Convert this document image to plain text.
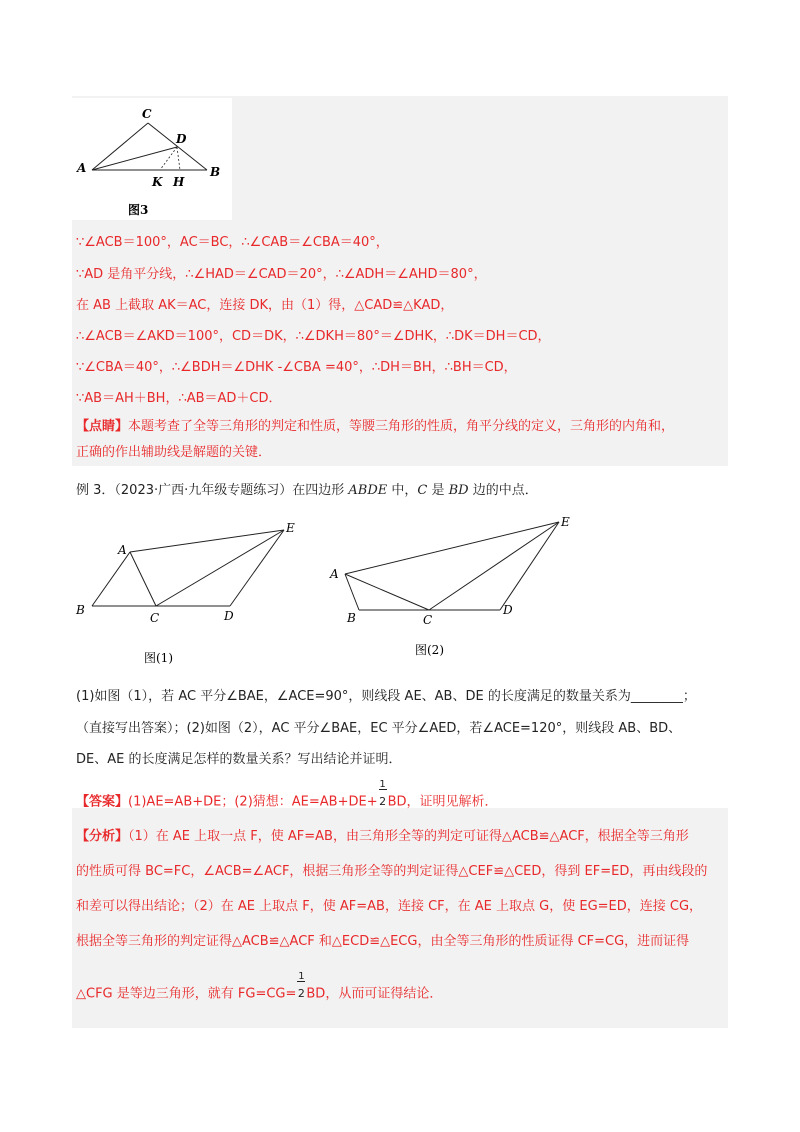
C
D
A	B
K H
图3
∵∠ACB＝100°，AC＝BC，∴∠CAB＝∠CBA＝40°，
∵AD 是角平分线，∴∠HAD＝∠CAD＝20°，∴∠ADH＝∠AHD＝80°，
在 AB 上截取 AK＝AC，连接 DK，由（1）得，△CAD≌△KAD，
∴∠ACB＝∠AKD＝100°，CD＝DK，∴∠DKH＝80°＝∠DHK，∴DK＝DH＝CD，
∵∠CBA＝40°，∴∠BDH＝∠DHK -∠CBA =40°，∴DH＝BH，∴BH＝CD，
∵AB＝AH＋BH，∴AB＝AD＋CD．
【点睛】本题考查了全等三角形的判定和性质，等腰三角形的性质，角平分线的定义，三角形的内角和，
正确的作出辅助线是解题的关键．
例 3．（2023·广西·九年级专题练习）在四边形 ABDE 中，C 是 BD 边的中点．
A
B
C	D
E
图(1)
A
B	C
D
E
图(2)
(1)如图（1），若 AC 平分∠BAE，∠ACE=90°，则线段 AE、AB、DE 的长度满足的数量关系为________；
（直接写出答案）；(2)如图（2），AC 平分∠BAE，EC 平分∠AED，若∠ACE=120°，则线段 AB、BD、
DE、AE 的长度满足怎样的数量关系？写出结论并证明．
【答案】(1)AE=AB+DE；(2)猜想：$AE=AB+DE+ \frac{1}{2}BD$，证明见解析．
【分析】（1）在 AE 上取一点 F，使 AF=AB，由三角形全等的判定可证得△ACB≌△ACF，根据全等三角形
的性质可得 BC=FC，∠ACB=∠ACF，根据三角形全等的判定证得△CEF≌△CED，得到 EF=ED，再由线段的
和差可以得出结论；（2）在 AE 上取点 F，使 AF=AB，连接 CF，在 AE 上取点 G，使 EG=ED，连接 CG，
根据全等三角形的判定证得△ACB≌△ACF 和△ECD≌△ECG，由全等三角形的性质证得 CF=CG，进而证得
△CFG 是等边三角形，就有 $FG=CG= \frac{1}{2}BD$，从而可证得结论．
